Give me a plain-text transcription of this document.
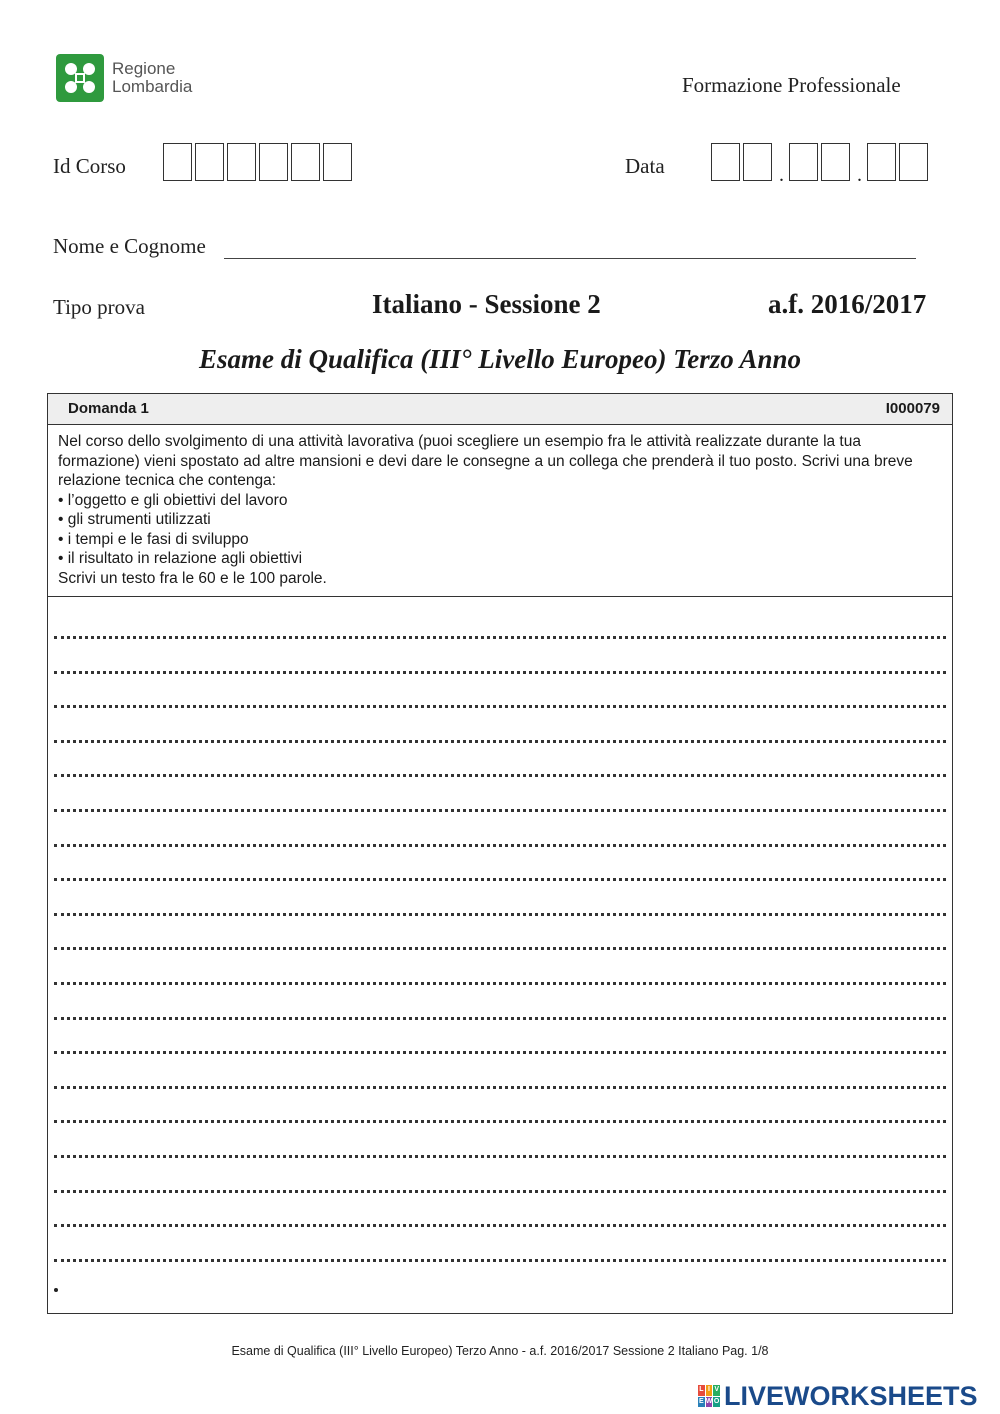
Regione
Lombardia	Formazione Professionale
Id Corso	Data
.
.
Nome e Cognome
Tipo prova	Italiano - Sessione 2	a.f. 2016/2017
Esame di Qualifica (III° Livello Europeo) Terzo Anno
Domanda 1	I000079

Nel corso dello svolgimento di una attività lavorativa (puoi scegliere un esempio fra le attività realizzate durante la tua formazione) vieni spostato ad altre mansioni e devi dare le consegne a un collega che prenderà il tuo posto. Scrivi una breve relazione tecnica che contenga:

• l’oggetto e gli obiettivi del lavoro

• gli strumenti utilizzati

• i tempi e le fasi di sviluppo

• il risultato in relazione agli obiettivi

Scrivi un testo fra le 60 e le 100 parole.

Esame di Qualifica (III° Livello Europeo) Terzo Anno - a.f. 2016/2017 Sessione 2 Italiano Pag. 1/8
L I V
E W O LIVEWORKSHEETS
